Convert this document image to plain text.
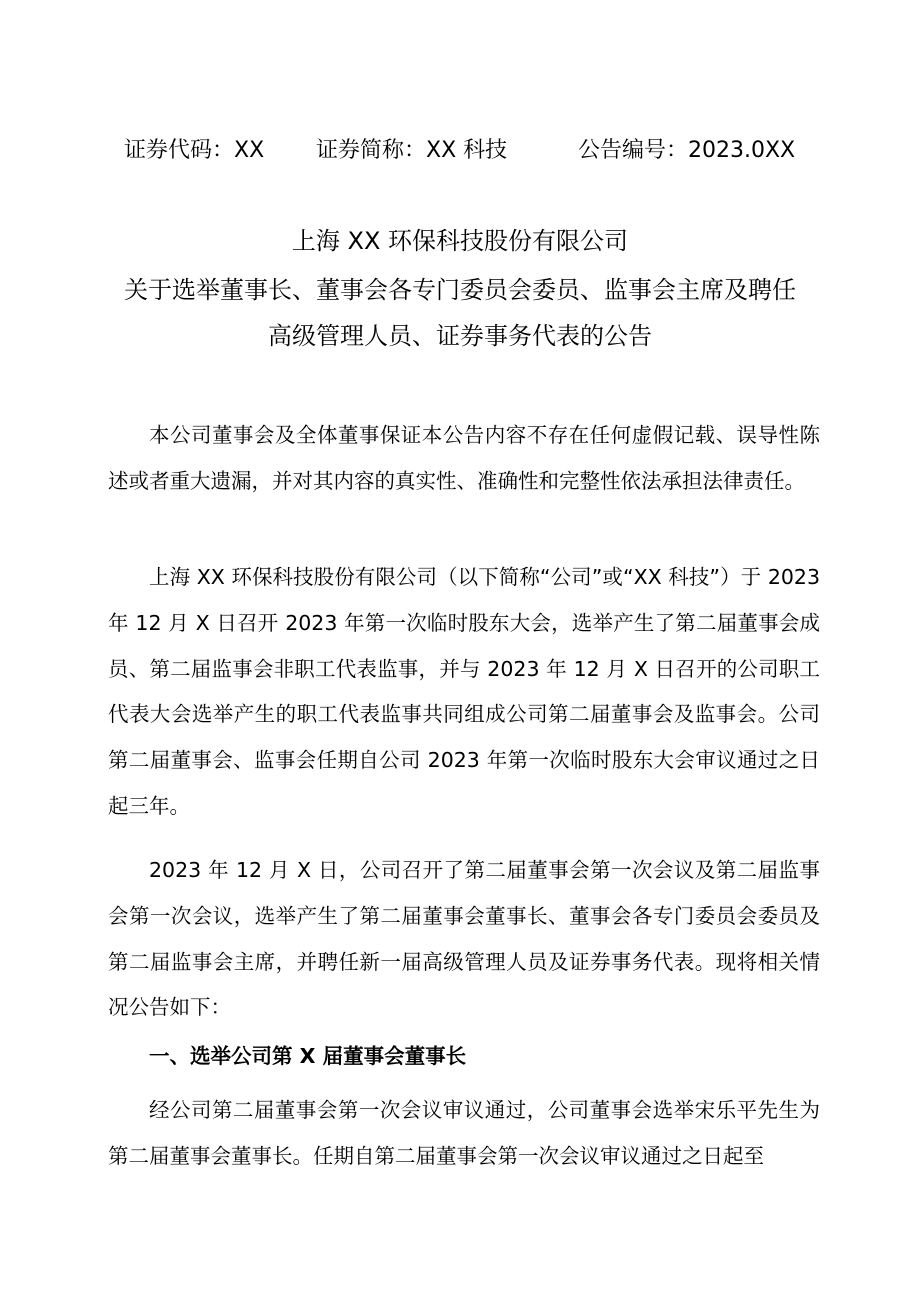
证券代码：XX 证券简称：XX 科技	公告编号：2023.0XX
上海 XX 环保科技股份有限公司
关于选举董事长、董事会各专门委员会委员、监事会主席及聘任
高级管理人员、证券事务代表的公告

本公司董事会及全体董事保证本公告内容不存在任何虚假记载、误导性陈述或者重大遗漏，并对其内容的真实性、准确性和完整性依法承担法律责任。

上海 XX 环保科技股份有限公司（以下简称“公司”或“XX 科技”）于 2023 年 12 月 X 日召开 2023 年第一次临时股东大会，选举产生了第二届董事会成员、第二届监事会非职工代表监事，并与 2023 年 12 月 X 日召开的公司职工代表大会选举产生的职工代表监事共同组成公司第二届董事会及监事会。公司第二届董事会、监事会任期自公司 2023 年第一次临时股东大会审议通过之日起三年。

2023 年 12 月 X 日，公司召开了第二届董事会第一次会议及第二届监事会第一次会议，选举产生了第二届董事会董事长、董事会各专门委员会委员及第二届监事会主席，并聘任新一届高级管理人员及证券事务代表。现将相关情况公告如下：

一、选举公司第 X 届董事会董事长

经公司第二届董事会第一次会议审议通过，公司董事会选举宋乐平先生为第二届董事会董事长。任期自第二届董事会第一次会议审议通过之日起至
